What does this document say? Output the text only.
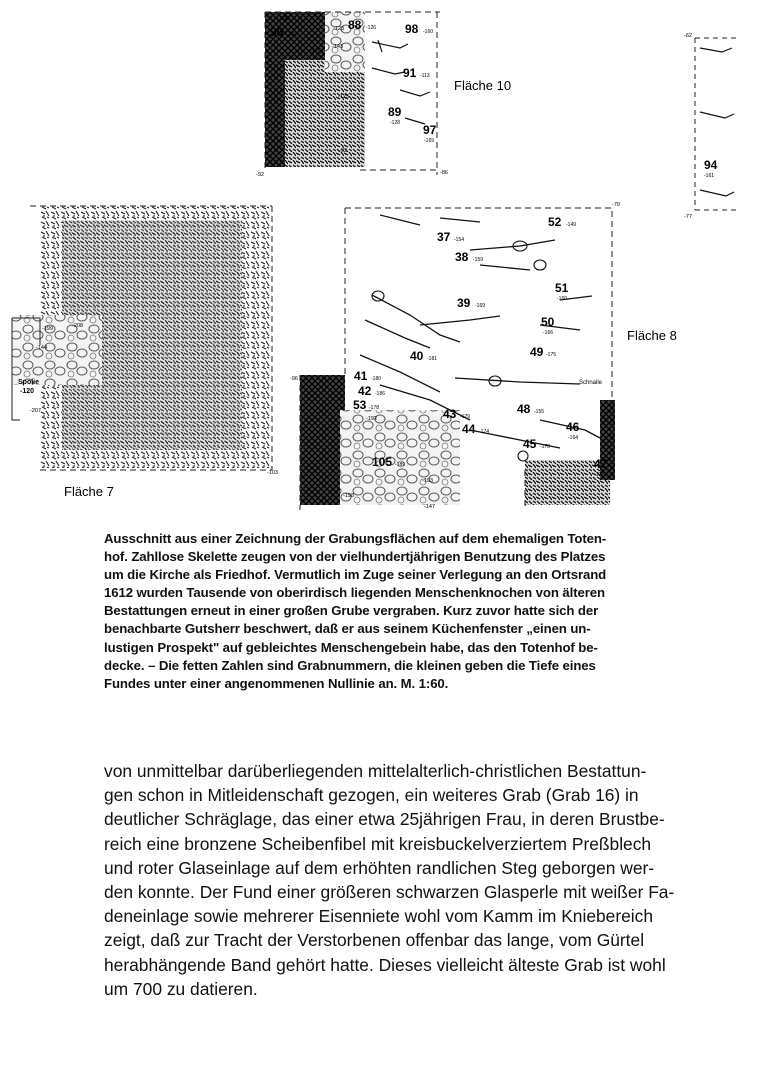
Fläche 10
Fläche 8
Fläche 7
Spolie
-120
Schnalle
90 -163
88 -126 98 -160
91 -113
89
-128 97
-169
94
-161
52 -149
37 -154
38 -159
51
-160
39 -169
50
-166
40 -181	49 -175
41 -180
42 -186
53 -178	43 -179
48 -155
44 -174	46
-164
45 -170
47
-172
105 -189
-130
-123
-143
-175
-125
-93
-92	-86
-62
-77
-79
-96
-103
-199	-208
-144
-207
-192
-193
-198
-147
Ausschnitt aus einer Zeichnung der Grabungsflächen auf dem ehemaligen Toten-
hof. Zahllose Skelette zeugen von der vielhundertjährigen Benutzung des Platzes
um die Kirche als Friedhof. Vermutlich im Zuge seiner Verlegung an den Ortsrand
1612 wurden Tausende von oberirdisch liegenden Menschenknochen von älteren
Bestattungen erneut in einer großen Grube vergraben. Kurz zuvor hatte sich der
benachbarte Gutsherr beschwert, daß er aus seinem Küchenfenster „einen un-
lustigen Prospekt" auf gebleichtes Menschengebein habe, das den Totenhof be-
decke. – Die fetten Zahlen sind Grabnummern, die kleinen geben die Tiefe eines
Fundes unter einer angenommenen Nullinie an. M. 1:60.
von unmittelbar darüberliegenden mittelalterlich-christlichen Bestattun-
gen schon in Mitleidenschaft gezogen, ein weiteres Grab (Grab 16) in
deutlicher Schräglage, das einer etwa 25jährigen Frau, in deren Brustbe-
reich eine bronzene Scheibenfibel mit kreisbuckelverziertem Preßblech
und roter Glaseinlage auf dem erhöhten randlichen Steg geborgen wer-
den konnte. Der Fund einer größeren schwarzen Glasperle mit weißer Fa-
deneinlage sowie mehrerer Eisenniete wohl vom Kamm im Kniebereich
zeigt, daß zur Tracht der Verstorbenen offenbar das lange, vom Gürtel
herabhängende Band gehört hatte. Dieses vielleicht älteste Grab ist wohl
um 700 zu datieren.
